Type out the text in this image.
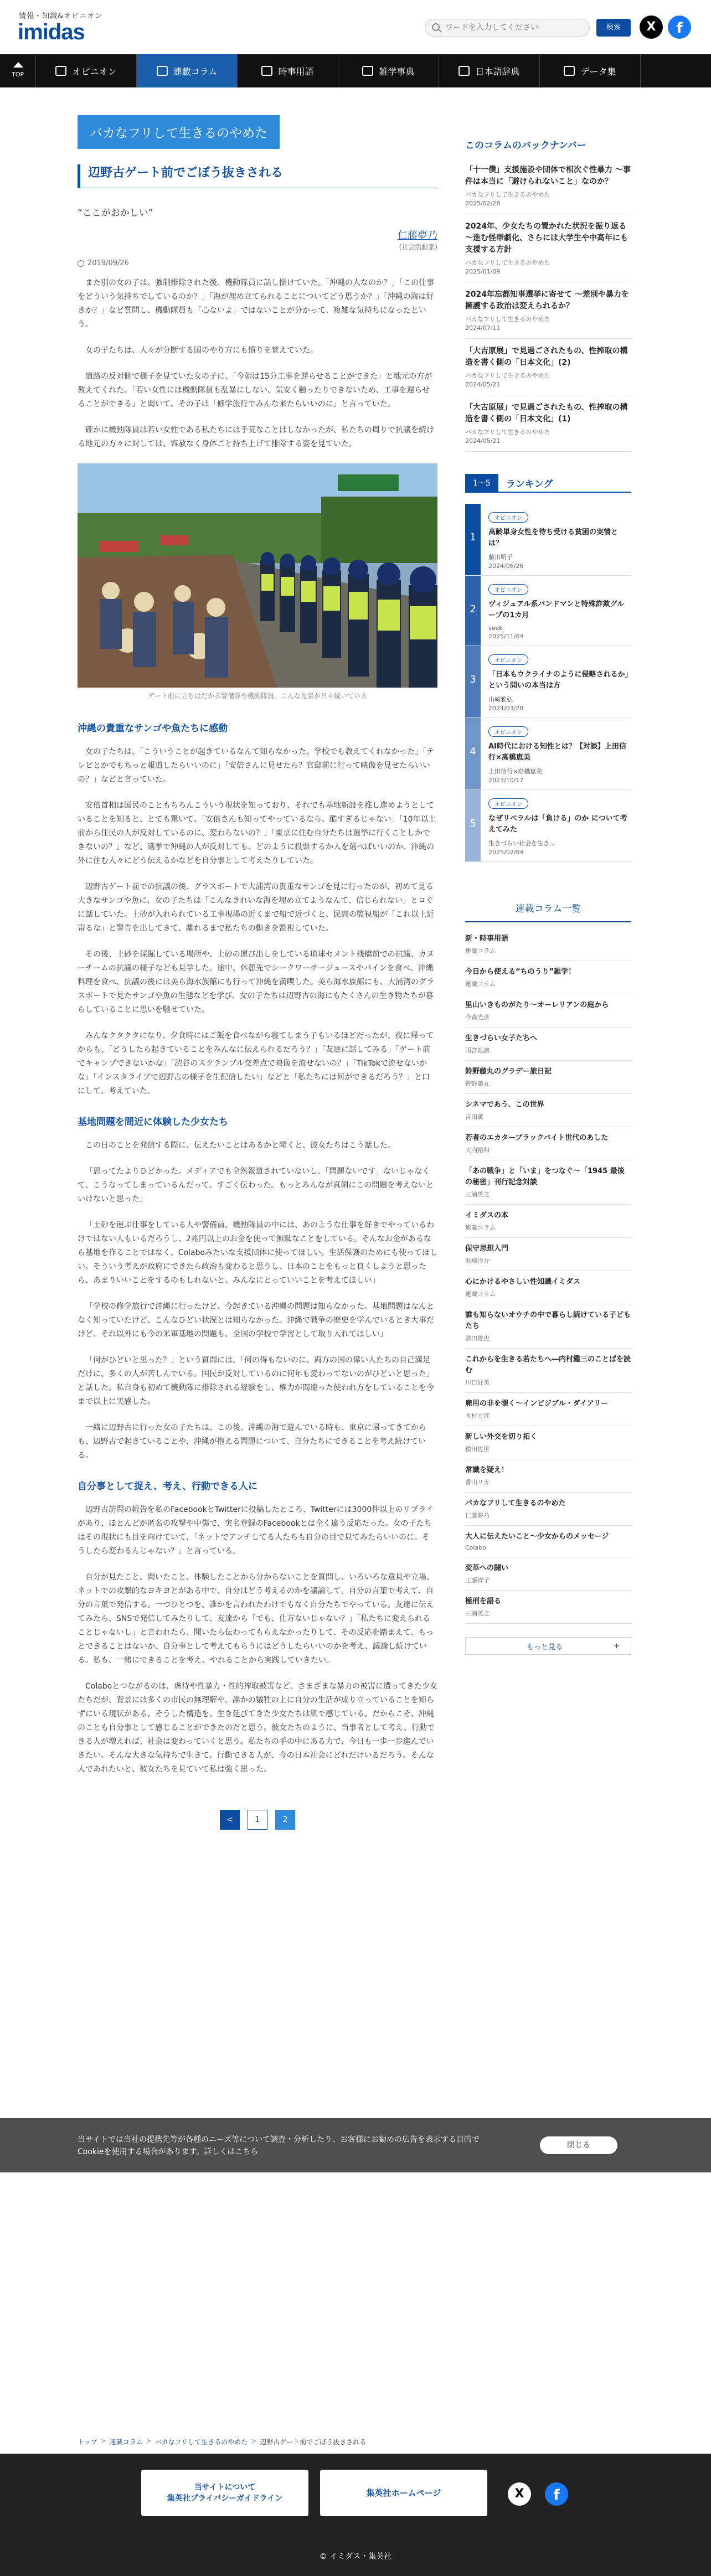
情報・知識&オピニオン
imidas
ワードを入力してください	検索	X	f
TOP	オピニオン	連載コラム	時事用語	雑学事典	日本語辞典	データ集
バカなフリして生きるのやめた
辺野古ゲート前でごぼう抜きされる
“ここがおかしい”
仁藤夢乃
(社会活動家)
2019/09/26

また別の女の子は、強制排除された後、機動隊員に話し掛けていた。「沖縄の人なのか？」「この仕事をどういう気持ちでしているのか？」「海が埋め立てられることについてどう思うか？」「沖縄の海は好きか？」など質問し、機動隊員も「心ないよ」ではないことが分かって、複雑な気持ちになったという。

女の子たちは、人々が分断する国のやり方にも憤りを覚えていた。

道路の反対側で様子を見ていた女の子に、「今朝は15分工事を遅らせることができた」と地元の方が教えてくれた。「若い女性には機動隊員も乱暴にしない、気安く触ったりできないため、工事を遅らせることができる」と聞いて、その子は「修学旅行でみんな来たらいいのに」と言っていた。

確かに機動隊員は若い女性である私たちには手荒なことはしなかったが、私たちの周りで抗議を続ける地元の方々に対しては、容赦なく身体ごと持ち上げて排除する姿を見ていた。

ゲート前に立ちはだかる警備隊や機動隊員。こんな光景が日々続いている
沖縄の貴重なサンゴや魚たちに感動

女の子たちは、「こういうことが起きているなんて知らなかった。学校でも教えてくれなかった」「テレビとかでもちっと報道したらいいのに」「安倍さんに見せたら？官邸前に行って映像を見せたらいいの？」などと言っていた。

安倍首相は国民のこともちろんこういう現状を知っており、それでも基地新設を推し進めようとしていることを知ると、とても驚いて、「安倍さんも知ってやっているなら、酷すぎるじゃない」「10年以上前から住民の人が反対しているのに、変わらないの？」「東京に住む自分たちは選挙に行くことしかできないの？」など、選挙で沖縄の人が反対しても、どのように投票するか人を選べばいいのか、沖縄の外に住む人々にどう伝えるかなどを自分事として考えたりしていた。

辺野古ゲート前での抗議の後、グラスボートで大浦湾の貴重なサンゴを見に行ったのが、初めて見る大きなサンゴや魚に、女の子たちは「こんなきれいな海を埋め立てようなんて、信じられない」とロぐに話していた。土砂が入れられている工事現場の近くまで船で近づくと、民間の監視船が「これ以上近寄るな」と警告を出してきて、離れるまで私たちの動きを監視していた。

その後、土砂を採掘している場所や、土砂の運び出しをしている琉球セメント桟橋前での抗議、カヌーチームの抗議の様子なども見学した。途中、休憩先でシークワーサージュースやパインを食べ、沖縄料理を食べ、抗議の後には美ら海水族館にも行って沖縄を満喫した。美ら海水族館にも、大浦湾のグラスボートで見たサンゴや魚の生態などを学び、女の子たちは辺野古の海にもたくさんの生き物たちが暮らしていることに思いを馳せていた。

みんなクタクタになり、夕食時にはご飯を食べながら寝てしまう子もいるほどだったが、夜に帰ってからも、「どうしたら起きていることをみんなに伝えられるだろう？」「友達に話してみる」「ゲート前でキャンプできないかな」「渋谷のスクランブル交差点で映像を流せないの？」「TikTokで流せないかな」「インスタライブで辺野古の様子を生配信したい」などと「私たちには何ができるだろう？」と口にして、考えていた。

基地問題を間近に体験した少女たち

この日のことを発信する際に、伝えたいことはあるかと聞くと、彼女たちはこう話した。

「思ってたよりひどかった。メディアでも全然報道されていないし、「問題ないです」ないじゃなくて、こうなってしまっているんだって、すごく伝わった。もっとみんなが真剣にこの問題を考えないといけないと思った」

「土砂を運ぶ仕事をしている人や警備員、機動隊員の中には、あのような仕事を好きでやっているわけではない人もいるだろうし、2兆円以上のお金を使って無駄なことをしている。そんなお金があるなら基地を作ることではなく、Colaboみたいな支援団体に使ってほしい。生活保護のためにも使ってほしい。そういう考えが政府にできたら政治も変わると思うし、日本のことをもっと良くしようと思ったら、あまりいいことをするのもしれないと、みんなにとっていいことを考えてほしい」

「学校の修学旅行で沖縄に行ったけど、今起きている沖縄の問題は知らなかった。基地問題はなんとなく知っていたけど、こんなひどい状況とは知らなかった。沖縄で戦争の歴史を学んでいるとき大事だけど、それ以外にも今の米軍基地の問題も、全国の学校で学習として取り入れてほしい」

「何がひどいと思った？」という質問には、「何の得もないのに、両方の国の偉い人たちの自己満足だけに、多くの人が苦しんでいる。国民が反対しているのに何年も変わってないのがひどいと思った」と話した。私自身も初めて機動隊に排除される経験をし、権力が間違った使われ方をしていることを今まで以上に実感した。

一緒に辺野古に行った女の子たちは、この後、沖縄の海で遊んでいる時も、東京に帰ってきてからも、辺野古で起きていることや、沖縄が抱える問題について、自分たちにできることを考え続けている。

自分事として捉え、考え、行動できる人に

辺野古訪問の報告を私のFacebookとTwitterに投稿したところ、Twitterには3000件以上のリプライがあり、ほとんどが匿名の攻撃や中傷で、実名登録のFacebookとは全く違う反応だった。女の子たちはその現状にも目を向けていて、「ネットでアンチしてる人たちも自分の目で見てみたらいいのに。そうしたら変わるんじゃない？」と言っている。

自分が見たこと、聞いたこと、体験したことから分からないことを質問し、いろいろな意見や立場、ネットでの攻撃的なヨキヨとがある中で、自分はどう考えるのかを議論して、自分の言葉で考えて、自分の言葉で発信する。一つひとつを、誰かを言われたわけでもなく自分たちでやっている。友達に伝えてみたら、SNSで発信してみたりして、友達から「でも、仕方ないじゃない？」「私たちに変えられることじゃないし」と言われたら、聞いたら伝わってもらえなかったりして、その反応を踏まえて、もっとできることはないか、自分事として考えてもらうにはどうしたらいいのかを考え、議論し続けている。私も、一緒にできることを考え、やれることから実践していきたい。

Colaboとつながるのは、虐待や性暴力・性的搾取被害など、さまざまな暴力の被害に遭ってきた少女たちだが、背景には多くの市民の無理解や、誰かの犠牲の上に自分の生活が成り立っていることを知らずにいる現状がある。そうした構造を、生き延びてきた少女たちは肌で感じている。だからこそ、沖縄のことも自分事として感じることができたのだと思う。彼女たちのように、当事者として考え、行動できる人が増えれば、社会は変わっていくと思う。私たちの手の中にある力で、今日も一歩一歩進んでいきたい。そんな大きな気持ちで生きて、行動できる人が、今の日本社会にどれだけいるだろう。そんな人であれたいと、彼女たちを見ていて私は強く思った。

<	1	2
このコラムのバックナンバー
「十一僕」支援施設や団体で相次ぐ性暴力 ～事件は本当に「避けられないこと」なのか？
バカなフリして生きるのやめた
2025/02/28
2024年、少女たちの置かれた状況を振り返る ～進む怪帯劇化、さらには大学生や中高年にも支援する方針
バカなフリして生きるのやめた
2025/01/09
2024年忘都知事選挙に寄せて ～差別や暴力を擁護する政治は変えられるか？
バカなフリして生きるのやめた
2024/07/11
「大吉原展」で見過ごされたもの、性搾取の構造を書く側の「日本文化」(2)
バカなフリして生きるのやめた
2024/05/21
「大吉原展」で見過ごされたもの、性搾取の構造を書く側の「日本文化」(1)
バカなフリして生きるのやめた
2024/05/21
1～5	ランキング
1
オピニオン
高齢単身女性を待ち受ける貧困の実情とは？
藤川明子
2024/06/26
2
オピニオン
ヴィジュアル系バンドマンと特殊詐欺グループの1カ月
seek
2025/11/04
3
オピニオン
「日本もウクライナのように侵略されるか」という問いの本当は方
山崎雅弘
2024/03/28
4
オピニオン
AI時代における知性とは？【対談】上田信行×高橋恵美
上田信行×高橋恵美
2023/10/17
5
オピニオン
なぜリベラルは「負ける」のか について考えてみた
生きづらい社会を生き…
2025/02/04
連載コラム一覧
新・時事用語
連載コラム
今日から使える“ちのうり”雑学！
連載コラム
里山いきものがたり～オーレリアンの庭から
今森光彦
生きづらい女子たちへ
雨宮処凛
鈴野藤丸のグラデー旅日記
鈴野藤丸
シネマであう、この世界
吉田薫
若者のエカタープラックバイト世代のあした
大内裕和
「あの戦争」と「いま」をつなぐ～「1945 最後の秘密」刊行記念対談
三浦英之
イミダスの本
連載コラム
保守思想入門
浜崎洋介
心にかけるやさしい性知識イミダス
連載コラム
誰も知らないオウチの中で暮らし続けている子どもたち
清田雄史
これからを生きる若たちへ―内村鑑三のことばを読む
川口好美
雇用の非を覗く～インビジブル・ダイアリー
木村元彦
新しい外交を切り拓く
猿田佐世
常識を疑え！
香山リカ
バカなフリして生きるのやめた
仁藤夢乃
大人に伝えたいこと～少女からのメッセージ
Colabo
変革への闘い
工藤祥子
極刑を語る
三浦英之
もっと見る	+
当サイトでは当社の提携先等が各種のニーズ等について調査・分析したり、お客様にお勧めの広告を表示する目的でCookieを使用する場合があります。詳しくはこちら
閉じる
トップ > 連載コラム > バカなフリして生きるのやめた > 辺野古ゲート前でごぼう抜きされる
当サイトについて
集英社プライバシーガイドライン
集英社ホームページ	X	f
© イミダス・集英社
